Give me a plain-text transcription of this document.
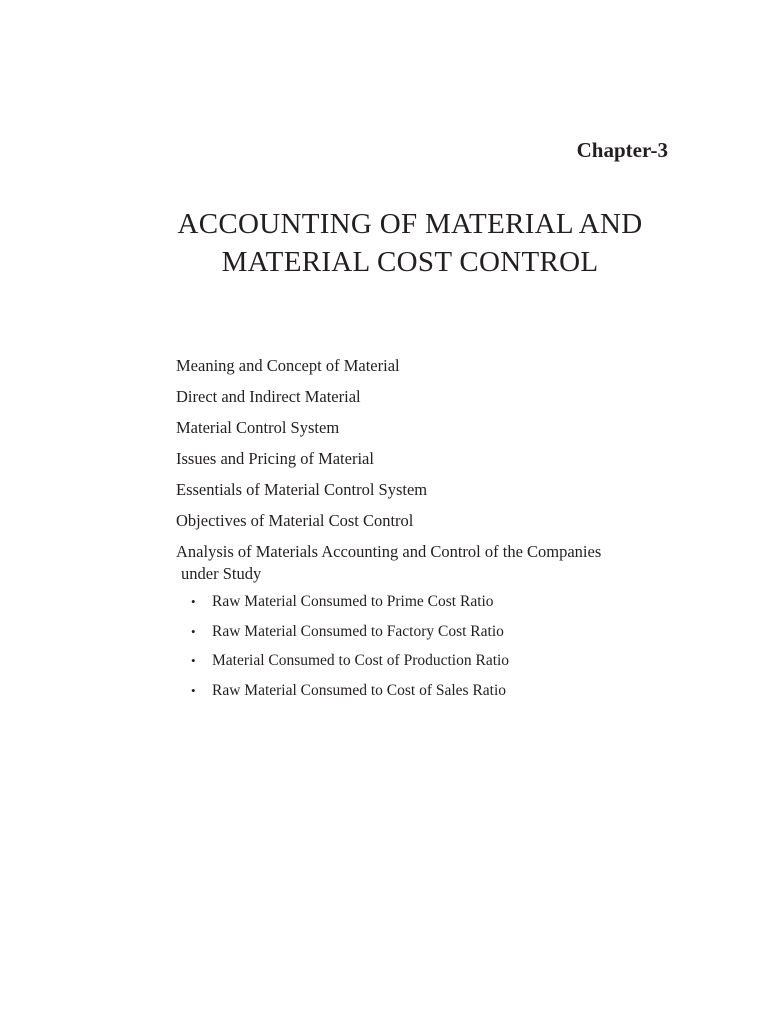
Chapter-3
ACCOUNTING OF MATERIAL AND
MATERIAL COST CONTROL
Meaning and Concept of Material
Direct and Indirect Material
Material Control System
Issues and Pricing of Material
Essentials of Material Control System
Objectives of Material Cost Control
Analysis of Materials Accounting and Control of the Companies
under Study
• Raw Material Consumed to Prime Cost Ratio
• Raw Material Consumed to Factory Cost Ratio
• Material Consumed to Cost of Production Ratio
• Raw Material Consumed to Cost of Sales Ratio
